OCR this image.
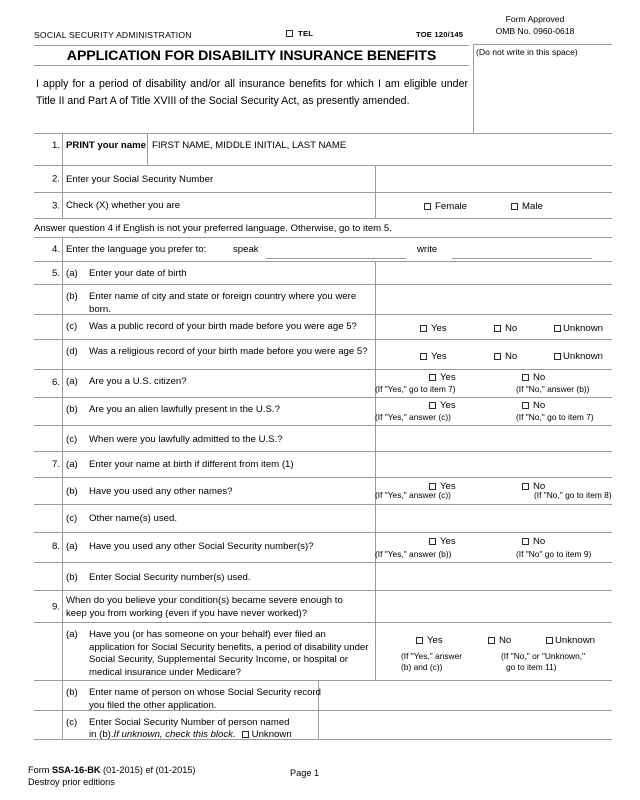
SOCIAL SECURITY ADMINISTRATION	TEL	TOE 120/145
Form Approved
OMB No. 0960-0618
APPLICATION FOR DISABILITY INSURANCE BENEFITS	(Do not write in this space)
I apply for a period of disability and/or all insurance benefits for which I am eligible under Title II and Part A of Title XVIII of the Social Security Act, as presently amended.
1. PRINT your name FIRST NAME, MIDDLE INITIAL, LAST NAME
2. Enter your Social Security Number
3. Check (X) whether you are	Female	Male
Answer question 4 if English is not your preferred language. Otherwise, go to item 5.
4. Enter the language you prefer to:	speak	write
5. (a) Enter your date of birth
(b) Enter name of city and state or foreign country where you were born.
(c) Was a public record of your birth made before you were age 5?	Yes	No	Unknown
(d) Was a religious record of your birth made before you were age 5?	Yes	No	Unknown
6. (a) Are you a U.S. citizen?	Yes	No
(If "Yes," go to item 7)	(If "No," answer (b))
(b) Are you an alien lawfully present in the U.S.?	Yes	No
(If "Yes," answer (c))	(If "No," go to item 7)
(c) When were you lawfully admitted to the U.S.?
7. (a) Enter your name at birth if different from item (1)
(b) Have you used any other names?	Yes	No
(If "Yes," answer (c))	(If "No," go to item 8)
(c) Other name(s) used.
8. (a) Have you used any other Social Security number(s)?	Yes	No
(If "Yes," answer (b))	(If "No" go to item 9)
(b) Enter Social Security number(s) used.
9.
When do you believe your condition(s) became severe enough to keep you from working (even if you have never worked)?
(a) Have you (or has someone on your behalf) ever filed an application for Social Security benefits, a period of disability under Social Security, Supplemental Security Income, or hospital or medical insurance under Medicare?
Yes	No	Unknown
(If "Yes," answer
(b) and (c))
(If "No," or "Unknown,"
go to item 11)
(b) Enter name of person on whose Social Security record you filed the other application.
(c) Enter Social Security Number of person named
in (b). If unknown, check this block. Unknown
Form SSA-16-BK (01-2015) ef (01-2015)
Destroy prior editions
Page 1
